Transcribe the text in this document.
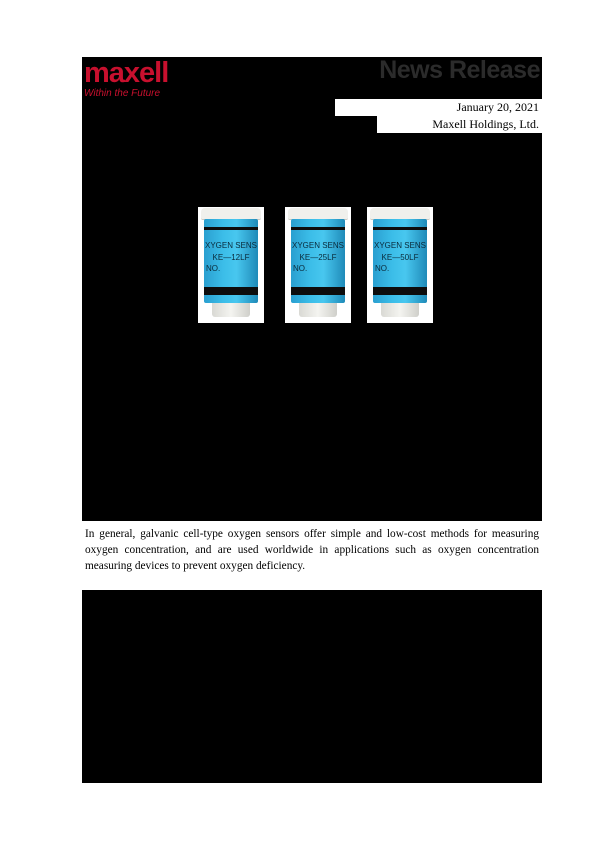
maxell
Within the Future
News Release
January 20, 2021
Maxell Holdings, Ltd.
XYGEN SENS
KE—12LF
NO.
XYGEN SENS
KE—25LF
NO.
XYGEN SENS
KE—50LF
NO.

In general, galvanic cell-type oxygen sensors offer simple and low-cost methods for measuring oxygen concentration, and are used worldwide in applications such as oxygen concentration measuring devices to prevent oxygen deficiency.
